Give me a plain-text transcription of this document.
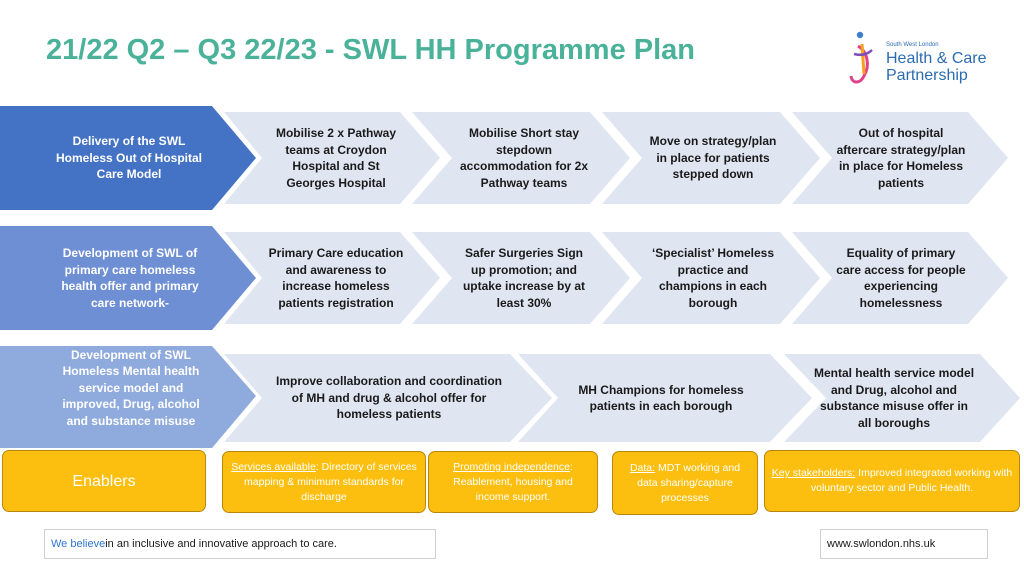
21/22 Q2 – Q3 22/23 - SWL HH Programme Plan	South West London
Health & Care
Partnership
Delivery of the SWL Homeless Out of Hospital Care Model
Mobilise 2 x Pathway teams at Croydon Hospital and St Georges Hospital
Mobilise Short stay stepdown accommodation for 2x Pathway teams
Move on strategy/plan in place for patients stepped down
Out of hospital aftercare strategy/plan in place for Homeless patients
Development of SWL of primary care homeless health offer and primary care network-
Primary Care education and awareness to increase homeless patients registration
Safer Surgeries Sign up promotion; and uptake increase by at least 30%
‘Specialist’ Homeless practice and champions in each borough
Equality of primary care access for people experiencing homelessness
Development of SWL Homeless Mental health service model and improved, Drug, alcohol and substance misuse
Improve collaboration and coordination of MH and drug & alcohol offer for homeless patients
MH Champions for homeless patients in each borough
Mental health service model and Drug, alcohol and substance misuse offer in all boroughs
Enablers
Services available: Directory of services mapping & minimum standards for discharge
Promoting independence: Reablement, housing and income support.
Data: MDT working and data sharing/capture processes
Key stakeholders: Improved integrated working with voluntary sector and Public Health.
We believe in an inclusive and innovative approach to care.	www.swlondon.nhs.uk
